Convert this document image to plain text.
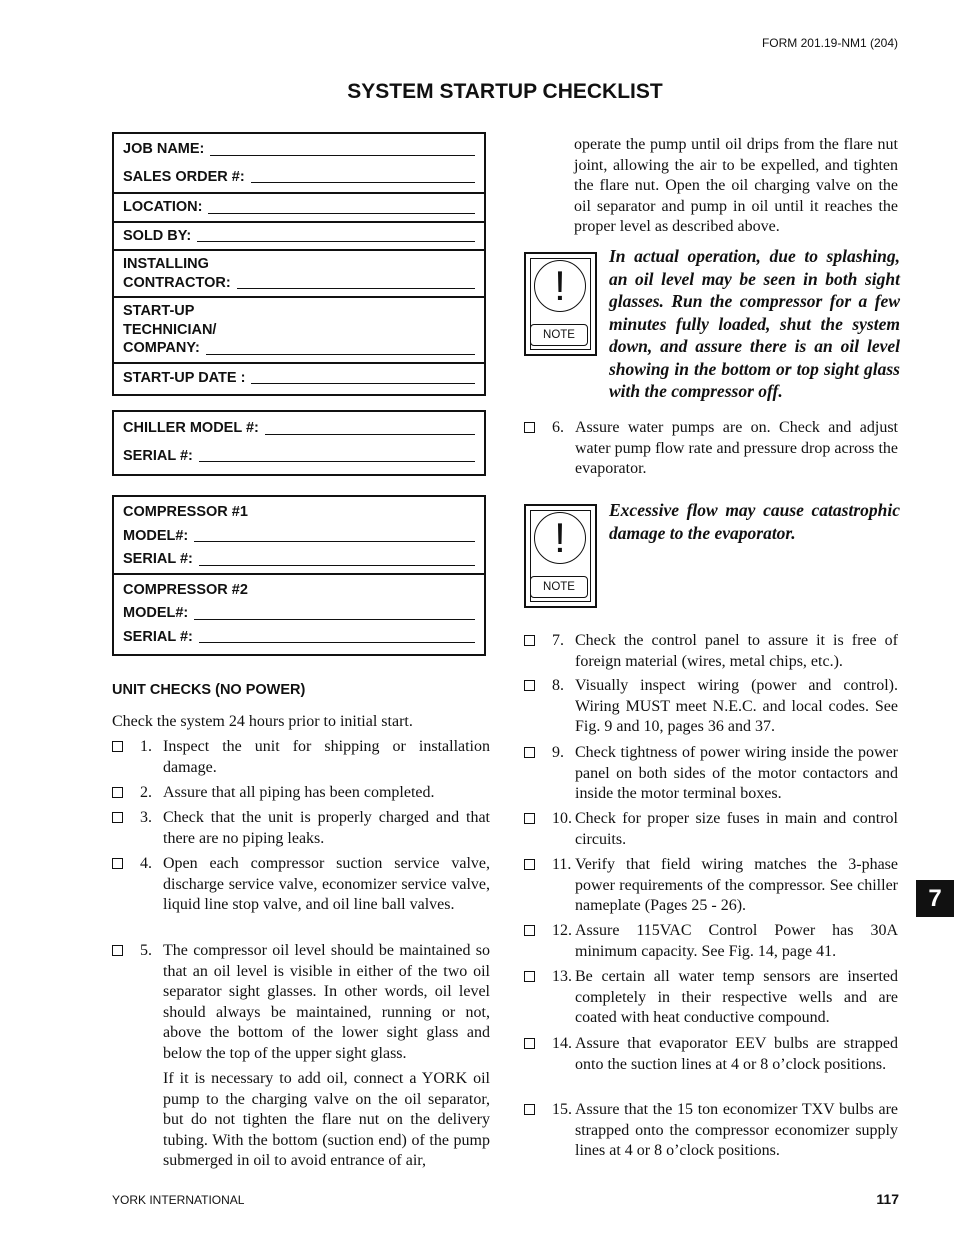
FORM 201.19-NM1 (204)
SYSTEM STARTUP CHECKLIST
JOB NAME:
SALES ORDER #:
LOCATION:
SOLD BY:
INSTALLING
CONTRACTOR:
START-UP
TECHNICIAN/
COMPANY:
START-UP DATE :
CHILLER MODEL #:
SERIAL #:
COMPRESSOR #1
MODEL#:
SERIAL #:
COMPRESSOR #2
MODEL#:
SERIAL #:
UNIT CHECKS (NO POWER)
Check the system 24 hours prior to initial start.
1. Inspect the unit for shipping or installation damage.
2. Assure that all piping has been completed.
3. Check that the unit is properly charged and that there are no piping leaks.
4. Open each compressor suction service valve, discharge service valve, economizer service valve, liquid line stop valve, and oil line ball valves.
5. The compressor oil level should be maintained so that an oil level is visible in either of the two oil separator sight glasses. In other words, oil level should always be maintained, running or not, above the bottom of the lower sight glass and below the top of the upper sight glass.
If it is necessary to add oil, connect a YORK oil pump to the charging valve on the oil separator, but do not tighten the flare nut on the delivery tubing. With the bottom (suction end) of the pump submerged in oil to avoid entrance of air,
operate the pump until oil drips from the flare nut joint, allowing the air to be expelled, and tighten the flare nut. Open the oil charging valve on the oil separator and pump in oil until it reaches the proper level as described above.
!
NOTE
In actual operation, due to splashing, an oil level may be seen in both sight glasses. Run the compressor for a few minutes fully loaded, shut the system down, and assure there is an oil level showing in the bottom or top sight glass with the compressor off.
6. Assure water pumps are on. Check and adjust water pump flow rate and pressure drop across the evaporator.
!
NOTE
Excessive flow may cause catastrophic damage to the evaporator.
7. Check the control panel to assure it is free of foreign material (wires, metal chips, etc.).
8. Visually inspect wiring (power and control). Wiring MUST meet N.E.C. and local codes. See Fig. 9 and 10, pages 36 and 37.
9. Check tightness of power wiring inside the power panel on both sides of the motor contactors and inside the motor terminal boxes.
10. Check for proper size fuses in main and control circuits.
11. Verify that field wiring matches the 3-phase power requirements of the compressor. See chiller nameplate (Pages 25 - 26).
12. Assure 115VAC Control Power has 30A minimum capacity. See Fig. 14, page 41.
13. Be certain all water temp sensors are inserted completely in their respective wells and are coated with heat conductive compound.
14. Assure that evaporator EEV bulbs are strapped onto the suction lines at 4 or 8 o’clock positions.
15. Assure that the 15 ton economizer TXV bulbs are strapped onto the compressor economizer supply lines at 4 or 8 o’clock positions.
7
YORK INTERNATIONAL	117
